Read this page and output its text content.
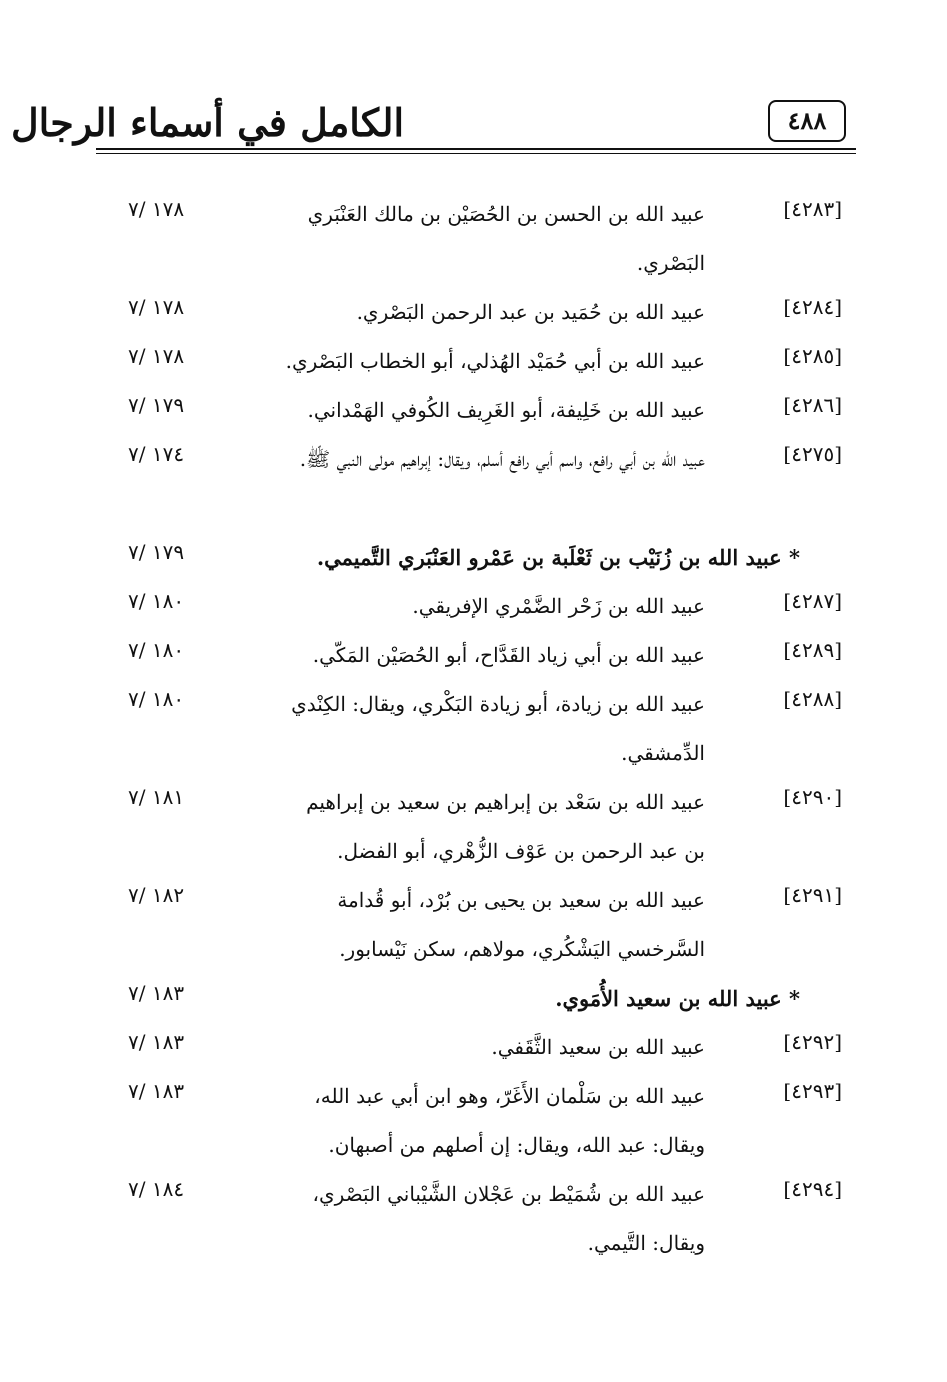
الكامل في أسماء الرجال	٤٨٨
[٤٢٨٣]
عبيد الله بن الحسن بن الحُصَيْن بن مالك العَنْبَري البَصْري.
١٧٨ /٧
[٤٢٨٤]
عبيد الله بن حُمَيد بن عبد الرحمن البَصْري.
١٧٨ /٧
[٤٢٨٥]
عبيد الله بن أبي حُمَيْد الهُذلي، أبو الخطاب البَصْري.
١٧٨ /٧
[٤٢٨٦]
عبيد الله بن خَلِيفة، أبو الغَرِيف الكُوفي الهَمْداني.
١٧٩ /٧
[٤٢٧٥]
عبيد الله بن أبي رافع، واسم أبي رافع أسلم، ويقال: إبراهيم مولى النبي ﷺ.
١٧٤ /٧
* عبيد الله بن زُنَيْب بن ثَعْلَبة بن عَمْرو العَنْبَري التَّميمي.
١٧٩ /٧
[٤٢٨٧]
عبيد الله بن زَحْر الضَّمْري الإفريقي.
١٨٠ /٧
[٤٢٨٩]
عبيد الله بن أبي زياد القَدَّاح، أبو الحُصَيْن المَكّي.
١٨٠ /٧
[٤٢٨٨]
عبيد الله بن زيادة، أبو زيادة البَكْري، ويقال: الكِنْدي الدِّمشقي.
١٨٠ /٧
[٤٢٩٠]
عبيد الله بن سَعْد بن إبراهيم بن سعيد بن إبراهيم بن عبد الرحمن بن عَوْف الزُّهْري، أبو الفضل.
١٨١ /٧
[٤٢٩١]
عبيد الله بن سعيد بن يحيى بن بُرْد، أبو قُدامة السَّرخسي اليَشْكُري، مولاهم، سكن نَيْسابور.
١٨٢ /٧
* عبيد الله بن سعيد الأُمَوي.
١٨٣ /٧
[٤٢٩٢]
عبيد الله بن سعيد الثَّقَفي.
١٨٣ /٧
[٤٢٩٣]
عبيد الله بن سَلْمان الأَغَرّ، وهو ابن أبي عبد الله، ويقال: عبد الله، ويقال: إن أصلهم من أصبهان.
١٨٣ /٧
[٤٢٩٤]
عبيد الله بن شُمَيْط بن عَجْلان الشَّيْباني البَصْري، ويقال: التَّيمي.
١٨٤ /٧
